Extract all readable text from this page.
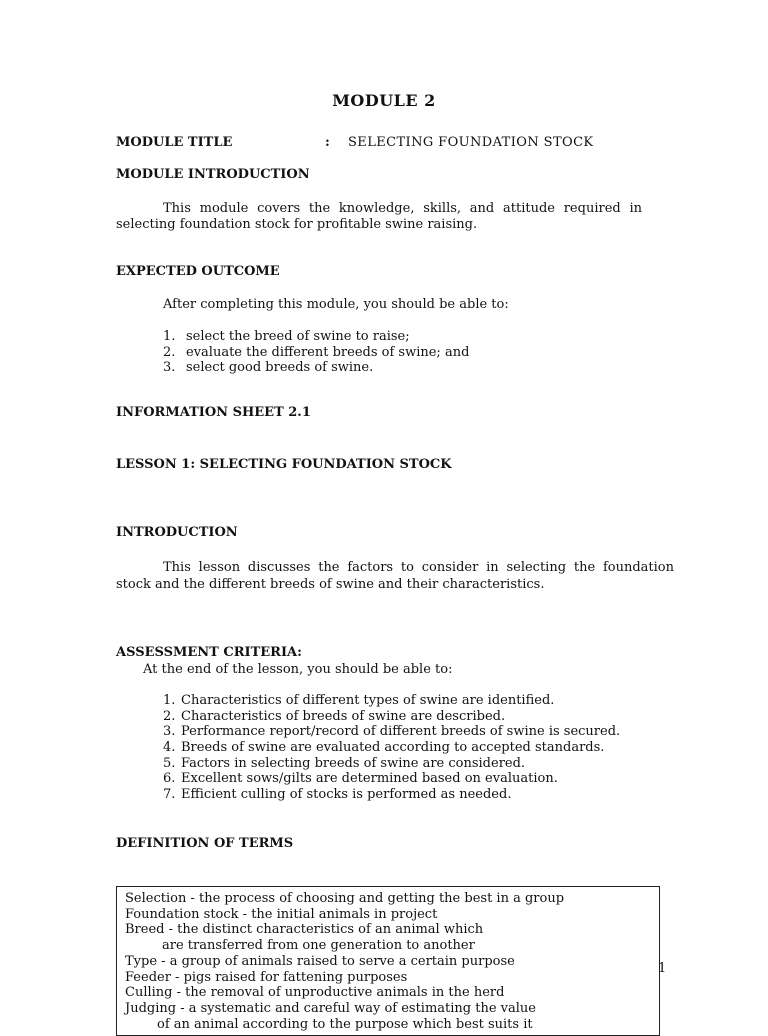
MODULE 2
MODULE TITLE	: SELECTING FOUNDATION STOCK
MODULE INTRODUCTION
This module covers the knowledge, skills, and attitude required in selecting foundation stock for profitable swine raising.
EXPECTED OUTCOME
After completing this module, you should be able to:
1. select the breed of swine to raise;
2. evaluate the different breeds of swine; and
3. select good breeds of swine.
INFORMATION SHEET 2.1
LESSON 1: SELECTING FOUNDATION STOCK
INTRODUCTION
This lesson discusses the factors to consider in selecting the foundation stock and the different breeds of swine and their characteristics.
ASSESSMENT CRITERIA:
At the end of the lesson, you should be able to:
1. Characteristics of different types of swine are identified.
2. Characteristics of breeds of swine are described.
3. Performance report/record of different breeds of swine is secured.
4. Breeds of swine are evaluated according to accepted standards.
5. Factors in selecting breeds of swine are considered.
6. Excellent sows/gilts are determined based on evaluation.
7. Efficient culling of stocks is performed as needed.
DEFINITION OF TERMS
Selection - the process of choosing and getting the best in a group
Foundation stock - the initial animals in project
Breed - the distinct characteristics of an animal which
are transferred from one generation to another
Type - a group of animals raised to serve a certain purpose
Feeder - pigs raised for fattening purposes
Culling - the removal of unproductive animals in the herd
Judging - a systematic and careful way of estimating the value
of an animal according to the purpose which best suits it
1
